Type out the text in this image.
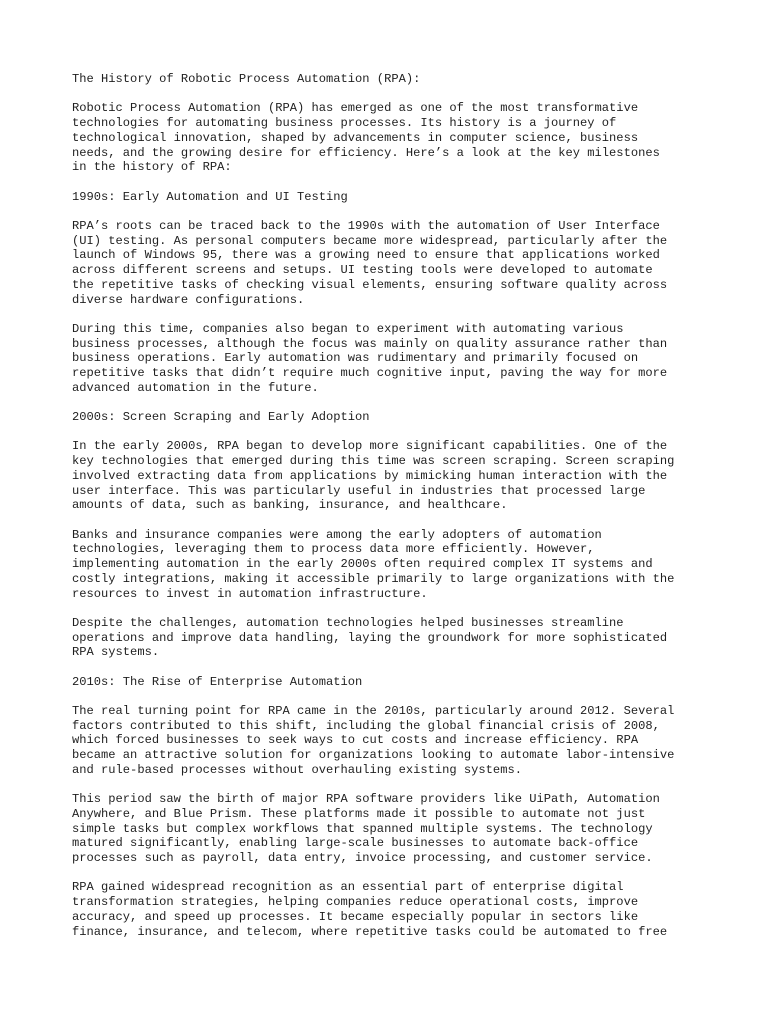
The History of Robotic Process Automation (RPA):

Robotic Process Automation (RPA) has emerged as one of the most transformative
technologies for automating business processes. Its history is a journey of
technological innovation, shaped by advancements in computer science, business
needs, and the growing desire for efficiency. Here’s a look at the key milestones
in the history of RPA:

1990s: Early Automation and UI Testing

RPA’s roots can be traced back to the 1990s with the automation of User Interface
(UI) testing. As personal computers became more widespread, particularly after the
launch of Windows 95, there was a growing need to ensure that applications worked
across different screens and setups. UI testing tools were developed to automate
the repetitive tasks of checking visual elements, ensuring software quality across
diverse hardware configurations.

During this time, companies also began to experiment with automating various
business processes, although the focus was mainly on quality assurance rather than
business operations. Early automation was rudimentary and primarily focused on
repetitive tasks that didn’t require much cognitive input, paving the way for more
advanced automation in the future.

2000s: Screen Scraping and Early Adoption

In the early 2000s, RPA began to develop more significant capabilities. One of the
key technologies that emerged during this time was screen scraping. Screen scraping
involved extracting data from applications by mimicking human interaction with the
user interface. This was particularly useful in industries that processed large
amounts of data, such as banking, insurance, and healthcare.

Banks and insurance companies were among the early adopters of automation
technologies, leveraging them to process data more efficiently. However,
implementing automation in the early 2000s often required complex IT systems and
costly integrations, making it accessible primarily to large organizations with the
resources to invest in automation infrastructure.

Despite the challenges, automation technologies helped businesses streamline
operations and improve data handling, laying the groundwork for more sophisticated
RPA systems.

2010s: The Rise of Enterprise Automation

The real turning point for RPA came in the 2010s, particularly around 2012. Several
factors contributed to this shift, including the global financial crisis of 2008,
which forced businesses to seek ways to cut costs and increase efficiency. RPA
became an attractive solution for organizations looking to automate labor-intensive
and rule-based processes without overhauling existing systems.

This period saw the birth of major RPA software providers like UiPath, Automation
Anywhere, and Blue Prism. These platforms made it possible to automate not just
simple tasks but complex workflows that spanned multiple systems. The technology
matured significantly, enabling large-scale businesses to automate back-office
processes such as payroll, data entry, invoice processing, and customer service.

RPA gained widespread recognition as an essential part of enterprise digital
transformation strategies, helping companies reduce operational costs, improve
accuracy, and speed up processes. It became especially popular in sectors like
finance, insurance, and telecom, where repetitive tasks could be automated to free
